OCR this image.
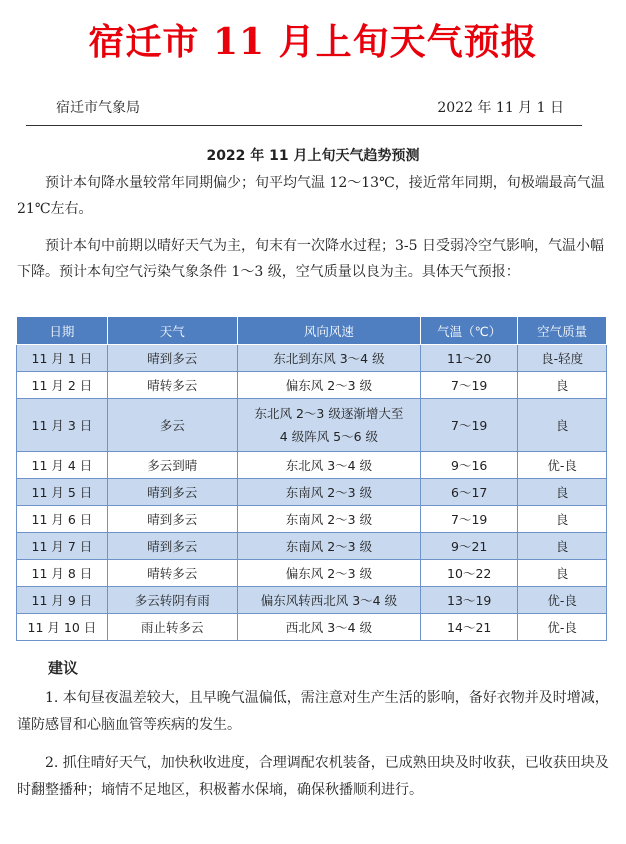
宿迁市 11 月上旬天气预报
宿迁市气象局	2022 年 11 月 1 日
2022 年 11 月上旬天气趋势预测
预计本旬降水量较常年同期偏少；旬平均气温 12～13℃，接近常年同期，旬极端最高气温 21℃左右。
预计本旬中前期以晴好天气为主，旬末有一次降水过程；3-5 日受弱冷空气影响，气温小幅下降。预计本旬空气污染气象条件 1～3 级，空气质量以良为主。具体天气预报：
日期	天气	风向风速	气温（℃）	空气质量
11 月 1 日	晴到多云	东北到东风 3～4 级	11～20	良-轻度
11 月 2 日	晴转多云	偏东风 2～3 级	7～19	良
11 月 3 日	多云	东北风 2～3 级逐渐增大至 4 级阵风 5～6 级	7～19	良
11 月 4 日	多云到晴	东北风 3～4 级	9～16	优-良
11 月 5 日	晴到多云	东南风 2～3 级	6～17	良
11 月 6 日	晴到多云	东南风 2～3 级	7～19	良
11 月 7 日	晴到多云	东南风 2～3 级	9～21	良
11 月 8 日	晴转多云	偏东风 2～3 级	10～22	良
11 月 9 日	多云转阴有雨	偏东风转西北风 3～4 级	13～19	优-良
11 月 10 日	雨止转多云	西北风 3～4 级	14～21	优-良
建议
1. 本旬昼夜温差较大，且早晚气温偏低，需注意对生产生活的影响，备好衣物并及时增减，谨防感冒和心脑血管等疾病的发生。
2. 抓住晴好天气，加快秋收进度，合理调配农机装备，已成熟田块及时收获，已收获田块及时翻整播种；墒情不足地区，积极蓄水保墒，确保秋播顺利进行。
